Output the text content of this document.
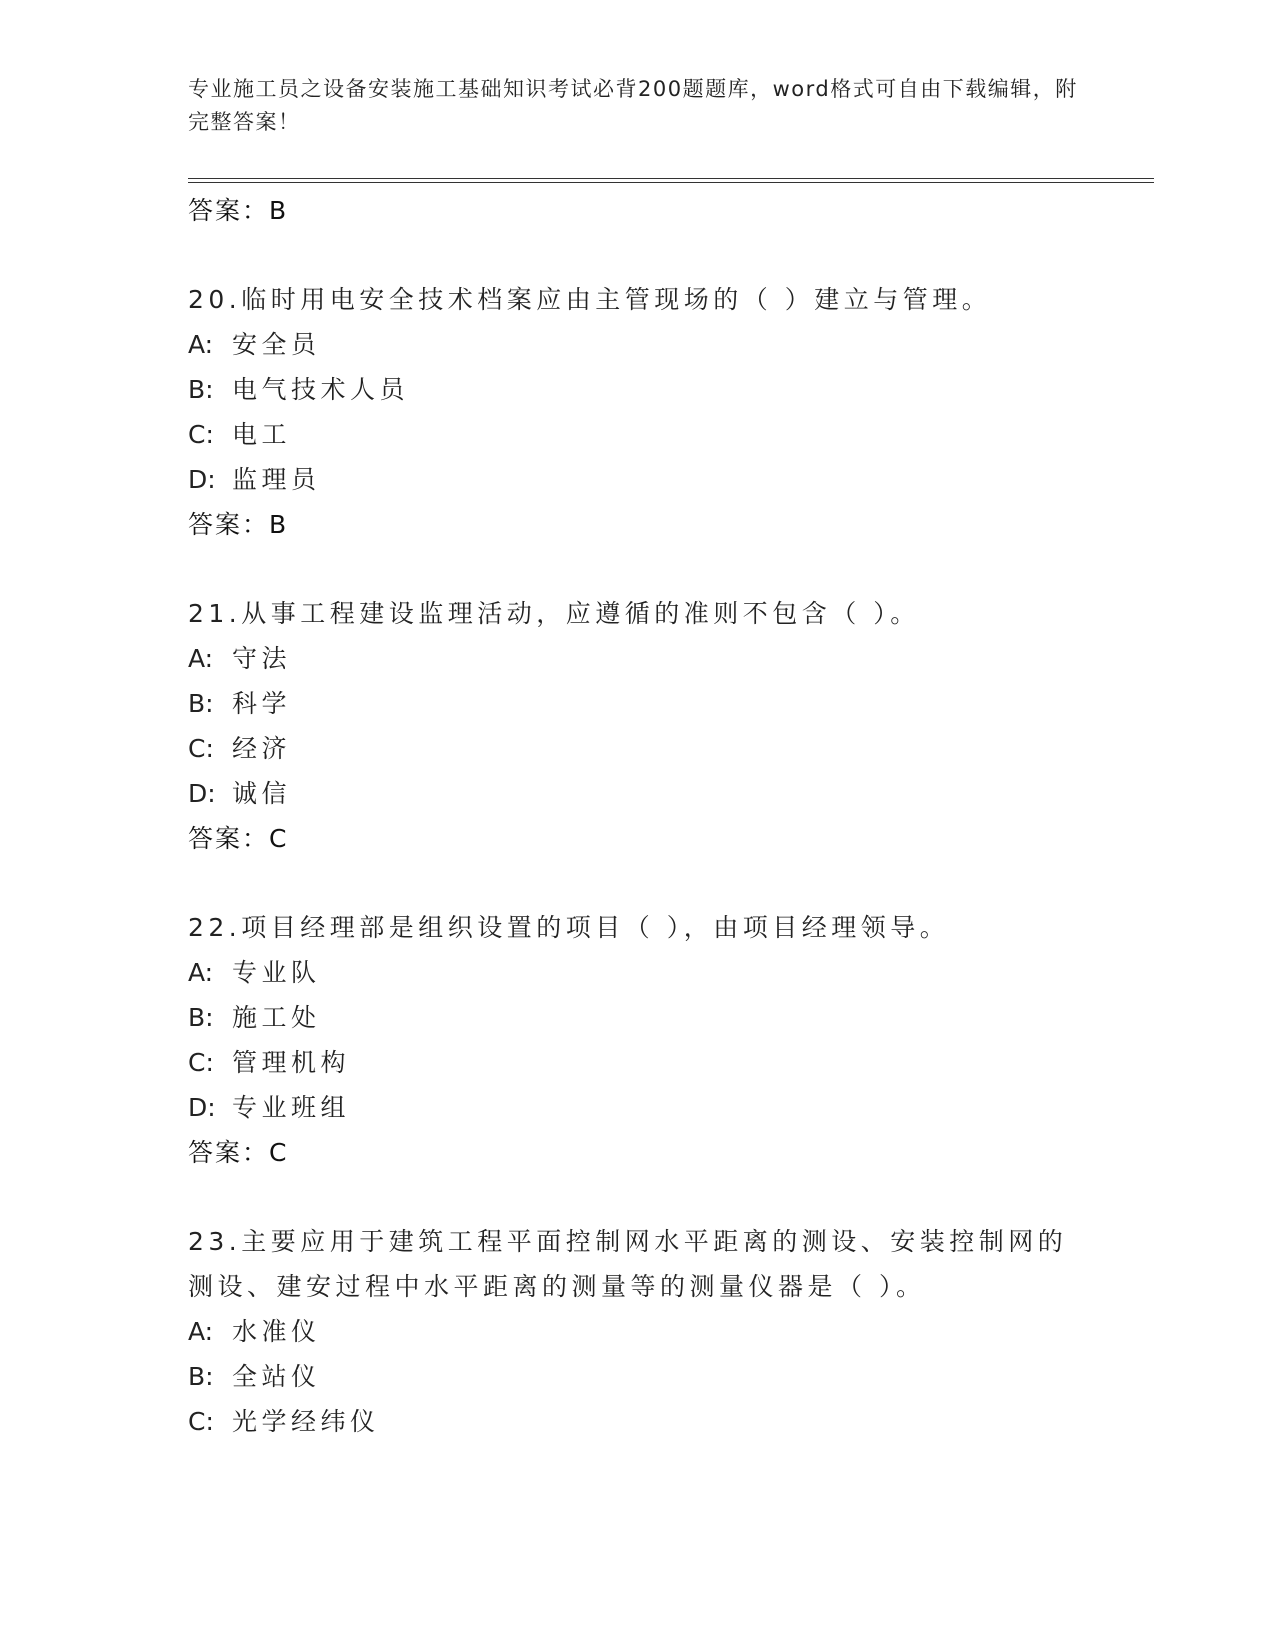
专业施工员之设备安装施工基础知识考试必背200题题库，word格式可自由下载编辑，附完整答案！
答案：B
20.临时用电安全技术档案应由主管现场的（ ）建立与管理。
A: 安全员
B: 电气技术人员
C: 电工
D: 监理员
答案：B
21.从事工程建设监理活动，应遵循的准则不包含（ ）。
A: 守法
B: 科学
C: 经济
D: 诚信
答案：C
22.项目经理部是组织设置的项目（ ），由项目经理领导。
A: 专业队
B: 施工处
C: 管理机构
D: 专业班组
答案：C
23.主要应用于建筑工程平面控制网水平距离的测设、安装控制网的测设、建安过程中水平距离的测量等的测量仪器是（ ）。
A: 水准仪
B: 全站仪
C: 光学经纬仪
